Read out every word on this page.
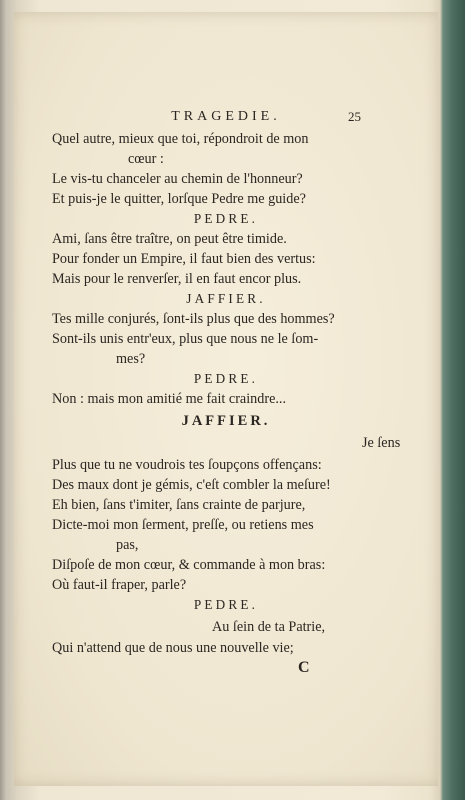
TRAGEDIE.	25
Quel autre, mieux que toi, répondroit de mon
cœur :
Le vis-tu chanceler au chemin de l'honneur?
Et puis-je le quitter, lorſque Pedre me guide?
PEDRE.
Ami, ſans être traître, on peut être timide.
Pour fonder un Empire, il faut bien des vertus:
Mais pour le renverſer, il en faut encor plus.
JAFFIER.
Tes mille conjurés, ſont-ils plus que des hommes?
Sont-ils unis entr'eux, plus que nous ne le ſom-
mes?
PEDRE.
Non : mais mon amitié me fait craindre...
JAFFIER.
Je ſens
Plus que tu ne voudrois tes ſoupçons offençans:
Des maux dont je gémis, c'eſt combler la meſure!
Eh bien, ſans t'imiter, ſans crainte de parjure,
Dicte-moi mon ſerment, preſſe, ou retiens mes
pas,
Diſpoſe de mon cœur, & commande à mon bras:
Où faut-il fraper, parle?
PEDRE.
Au ſein de ta Patrie,
Qui n'attend que de nous une nouvelle vie;
C
